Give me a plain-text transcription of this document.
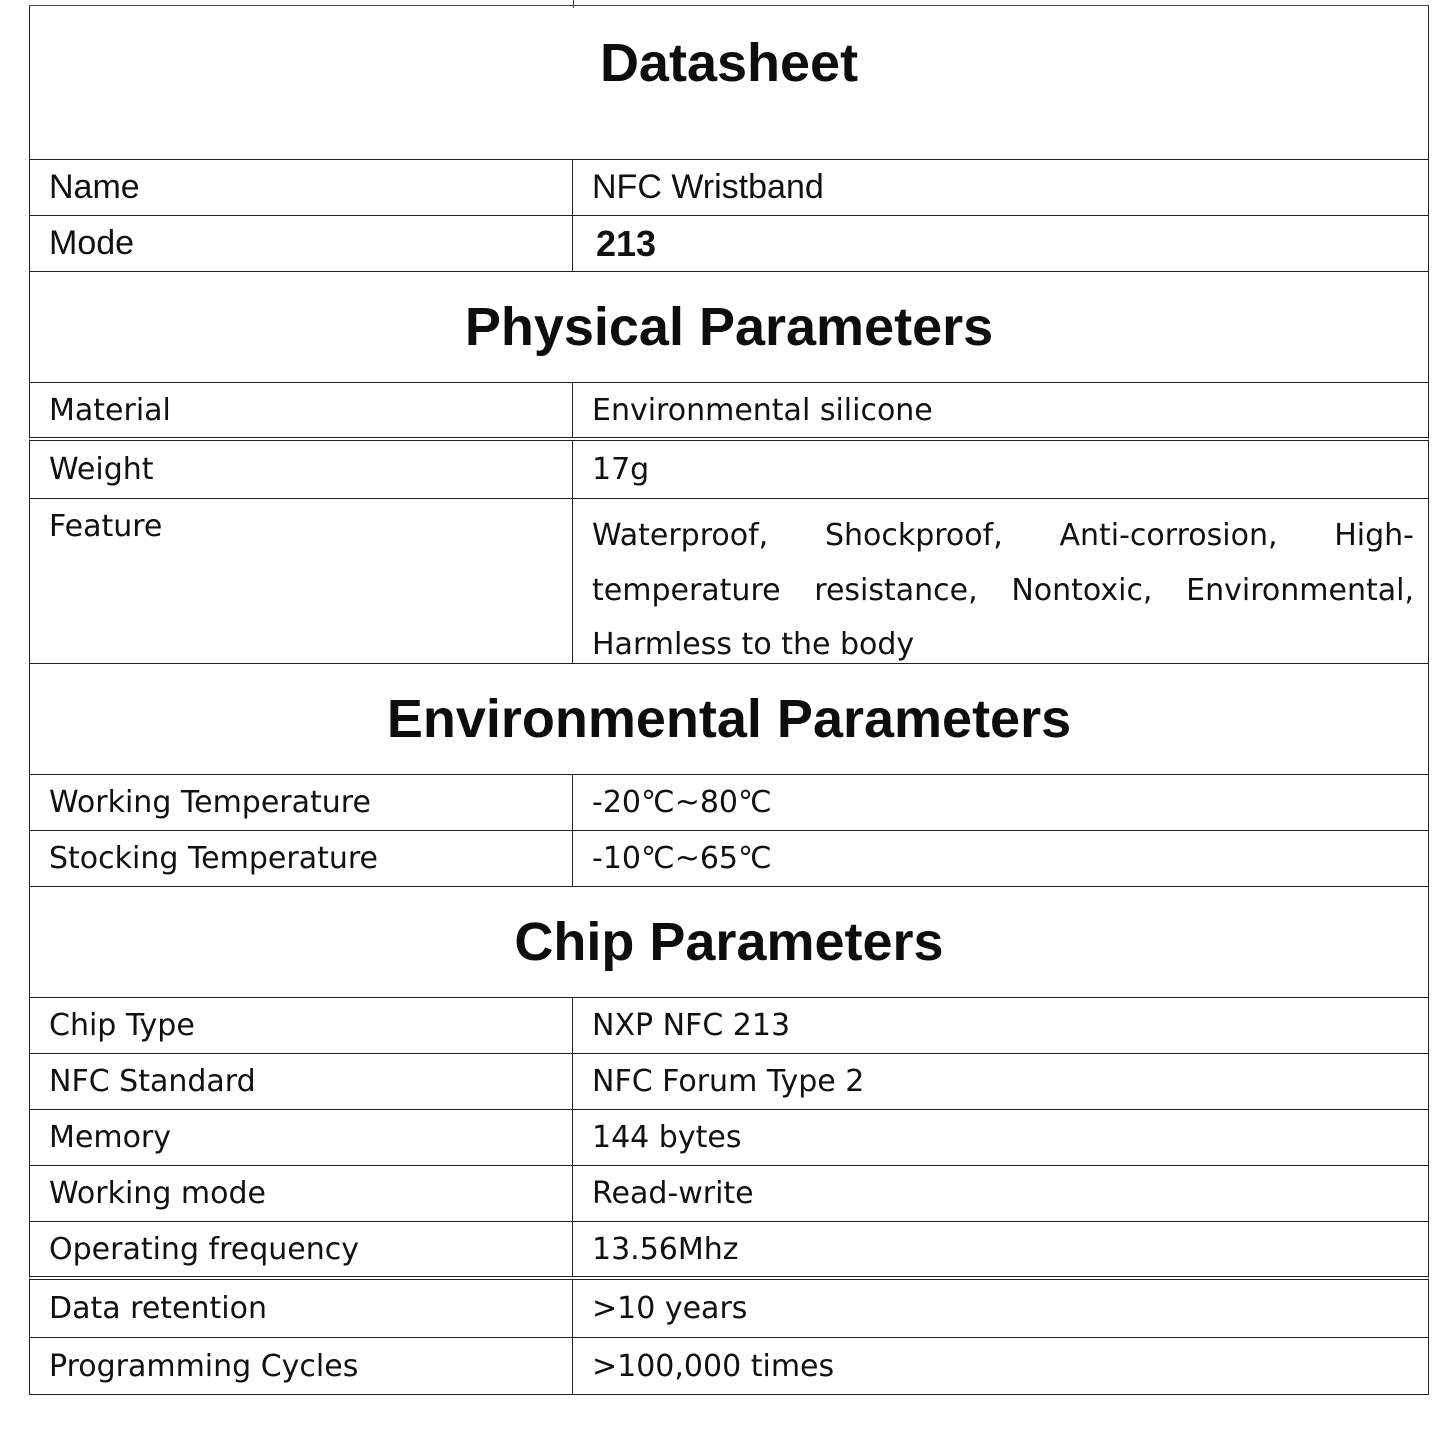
Datasheet
Name	NFC Wristband
Mode	213
Physical Parameters
Material	Environmental silicone
Weight	17g
Feature	Waterproof, Shockproof, Anti-corrosion, High-temperature resistance, Nontoxic, Environmental, Harmless to the body
Environmental Parameters
Working Temperature	-20℃~80℃
Stocking Temperature	-10℃~65℃
Chip Parameters
Chip Type	NXP NFC 213
NFC Standard	NFC Forum Type 2
Memory	144 bytes
Working mode	Read-write
Operating frequency	13.56Mhz
Data retention	>10 years
Programming Cycles	>100,000 times
